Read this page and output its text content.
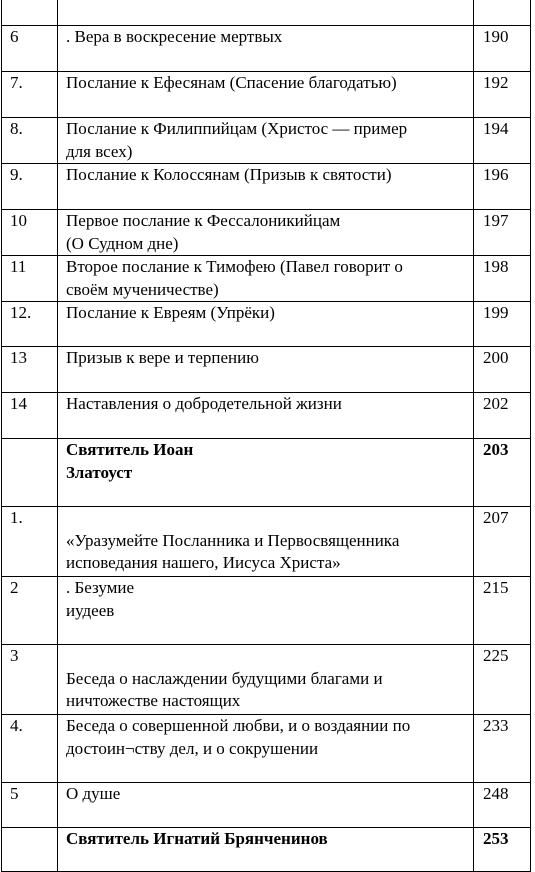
6	. Вера в воскресение мертвых	190
7.	Послание к Ефесянам (Спасение благодатью)	192
8.	Послание к Филиппийцам (Христос — пример
для всех)	194
9.	Послание к Колоссянам (Призыв к святости)	196
10	Первое послание к Фессалоникийцам
(О Судном дне)	197
11	Второе послание к Тимофею (Павел говорит о
своём мученичестве)	198
12.	Послание к Евреям (Упрёки)	199
13	Призыв к вере и терпению	200
14	Наставления о добродетельной жизни	202

	Святитель Иоан
Златоуст	203
1.	«Уразумейте Посланника и Первосвященника
исповедания нашего, Иисуса Христа»	207
2	. Безумие
иудеев	215
3	Беседа о наслаждении будущими благами и
ничтожестве настоящих	225
4.	Беседа о совершенной любви, и о воздаянии по
достоин¬ству дел, и о сокрушении	233
5	О душе	248

	Святитель Игнатий Брянченинов	253
